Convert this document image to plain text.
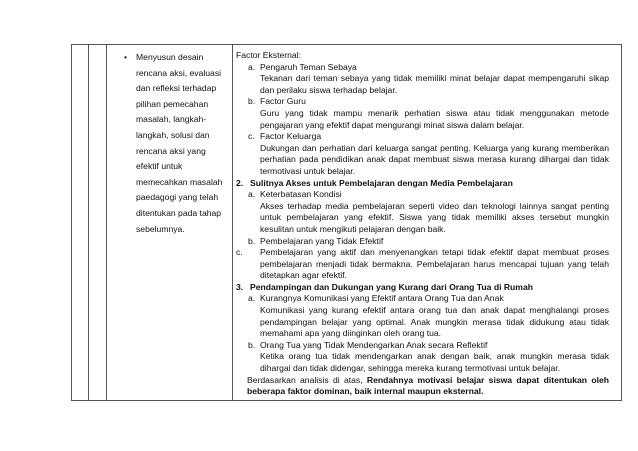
• Menyusun desain rencana aksi, evaluasi dan refleksi terhadap pilihan pemecahan masalah, langkah-langkah, solusi dan rencana aksi yang efektif untuk memecahkan masalah paedagogi yang telah ditentukan pada tahap sebelumnya.

Factor Eksternal:

a. Pengaruh Teman Sebaya

Tekanan dari teman sebaya yang tidak memiliki minat belajar dapat mempengaruhi sikap dan perilaku siswa terhadap belajar.

b. Factor Guru

Guru yang tidak mampu menarik perhatian siswa atau tidak menggunakan metode pengajaran yang efektif dapat mengurangi minat siswa dalam belajar.

c. Factor Keluarga

Dukungan dan perhatian dari keluarga sangat penting. Keluarga yang kurang memberikan perhatian pada pendidikan anak dapat membuat siswa merasa kurang dihargai dan tidak termotivasi untuk belajar.

2. Sulitnya Akses untuk Pembelajaran dengan Media Pembelajaran

a. Keterbatasan Kondisi

Akses terhadap media pembelajaran seperti video dan teknologi lainnya sangat penting untuk pembelajaran yang efektif. Siswa yang tidak memiliki akses tersebut mungkin kesulitan untuk mengikuti pelajaran dengan baik.

b. Pembelajaran yang Tidak Efektif

c. Pembelajaran yang aktif dan menyenangkan tetapi tidak efektif dapat membuat proses pembelajaran menjadi tidak bermakna. Pembelajaran harus mencapai tujuan yang telah ditetapkan agar efektif.

3. Pendampingan dan Dukungan yang Kurang dari Orang Tua di Rumah

a. Kurangnya Komunikasi yang Efektif antara Orang Tua dan Anak

Komunikasi yang kurang efektif antara orang tua dan anak dapat menghalangi proses pendampingan belajar yang optimal. Anak mungkin merasa tidak didukung atau tidak memahami apa yang diinginkan oleh orang tua.

b. Orang Tua yang Tidak Mendengarkan Anak secara Reflektif

Ketika orang tua tidak mendengarkan anak dengan baik, anak mungkin merasa tidak dihargai dan tidak didengar, sehingga mereka kurang termotivasi untuk belajar.

Berdasarkan analisis di atas, Rendahnya motivasi belajar siswa dapat ditentukan oleh beberapa faktor dominan, baik internal maupun eksternal.
